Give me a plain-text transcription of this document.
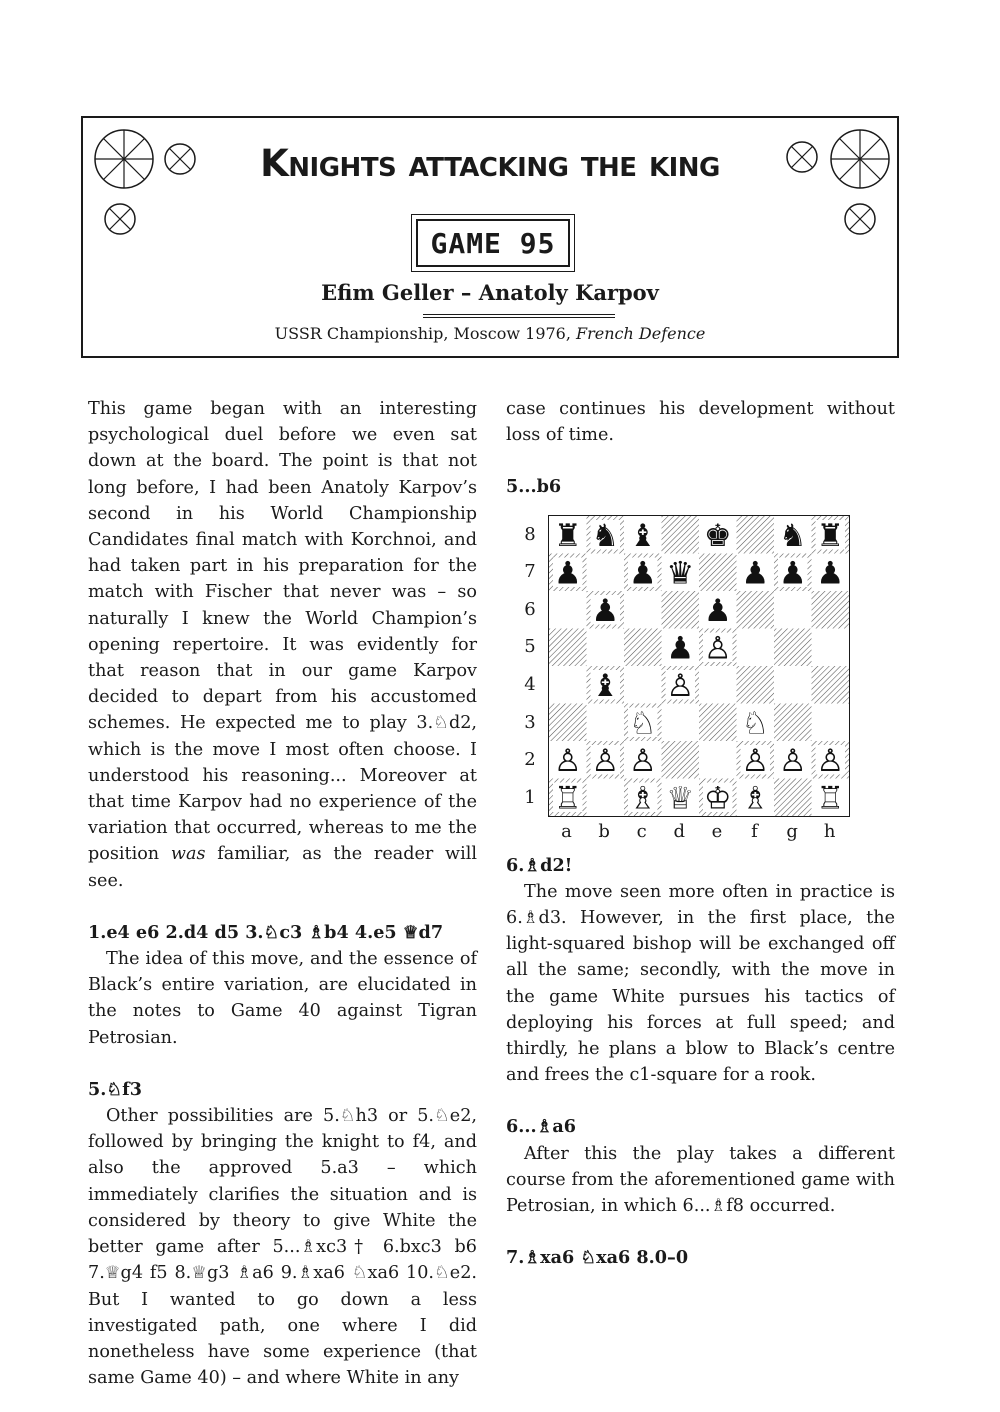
Knights attacking the king
GAME 95
Efim Geller – Anatoly Karpov
USSR Championship, Moscow 1976, French Defence

This game began with an interesting psychological duel before we even sat down at the board. The point is that not long before, I had been Anatoly Karpov’s second in his World Championship Candidates final match with Korchnoi, and had taken part in his preparation for the match with Fischer that never was – so naturally I knew the World Champion’s opening repertoire. It was evidently for that reason that in our game Karpov decided to depart from his accustomed schemes. He expected me to play 3.♘d2, which is the move I most often choose. I understood his reasoning... Moreover at that time Karpov had no experience of the variation that occurred, whereas to me the position was familiar, as the reader will see.

1.e4 e6 2.d4 d5 3.♘c3 ♗b4 4.e5 ♕d7

The idea of this move, and the essence of Black’s entire variation, are elucidated in the notes to Game 40 against Tigran Petrosian.

5.♘f3

Other possibilities are 5.♘h3 or 5.♘e2, followed by bringing the knight to f4, and also the approved 5.a3 – which immediately clarifies the situation and is considered by theory to give White the better game after 5...♗xc3† 6.bxc3 b6 7.♕g4 f5 8.♕g3 ♗a6 9.♗xa6 ♘xa6 10.♘e2. But I wanted to go down a less investigated path, one where I did nonetheless have some experience (that same Game 40) – and where White in any

case continues his development without loss of time.

5...b6

8
7
6
5
4
3
2
1
♜ ♞ ♝ ♚ ♞ ♜
♟ ♟ ♛ ♟ ♟ ♟
♟	♟
♟ ♙
♝ ♙
♘	♘
♙ ♙ ♙	♙ ♙ ♙
♖ ♗ ♕ ♔ ♗ ♖
a	b	c	d	e	f	g	h

6.♗d2!

The move seen more often in practice is 6.♗d3. However, in the first place, the light-squared bishop will be exchanged off all the same; secondly, with the move in the game White pursues his tactics of deploying his forces at full speed; and thirdly, he plans a blow to Black’s centre and frees the c1-square for a rook.

6...♗a6

After this the play takes a different course from the aforementioned game with Petrosian, in which 6...♗f8 occurred.

7.♗xa6 ♘xa6 8.0–0
